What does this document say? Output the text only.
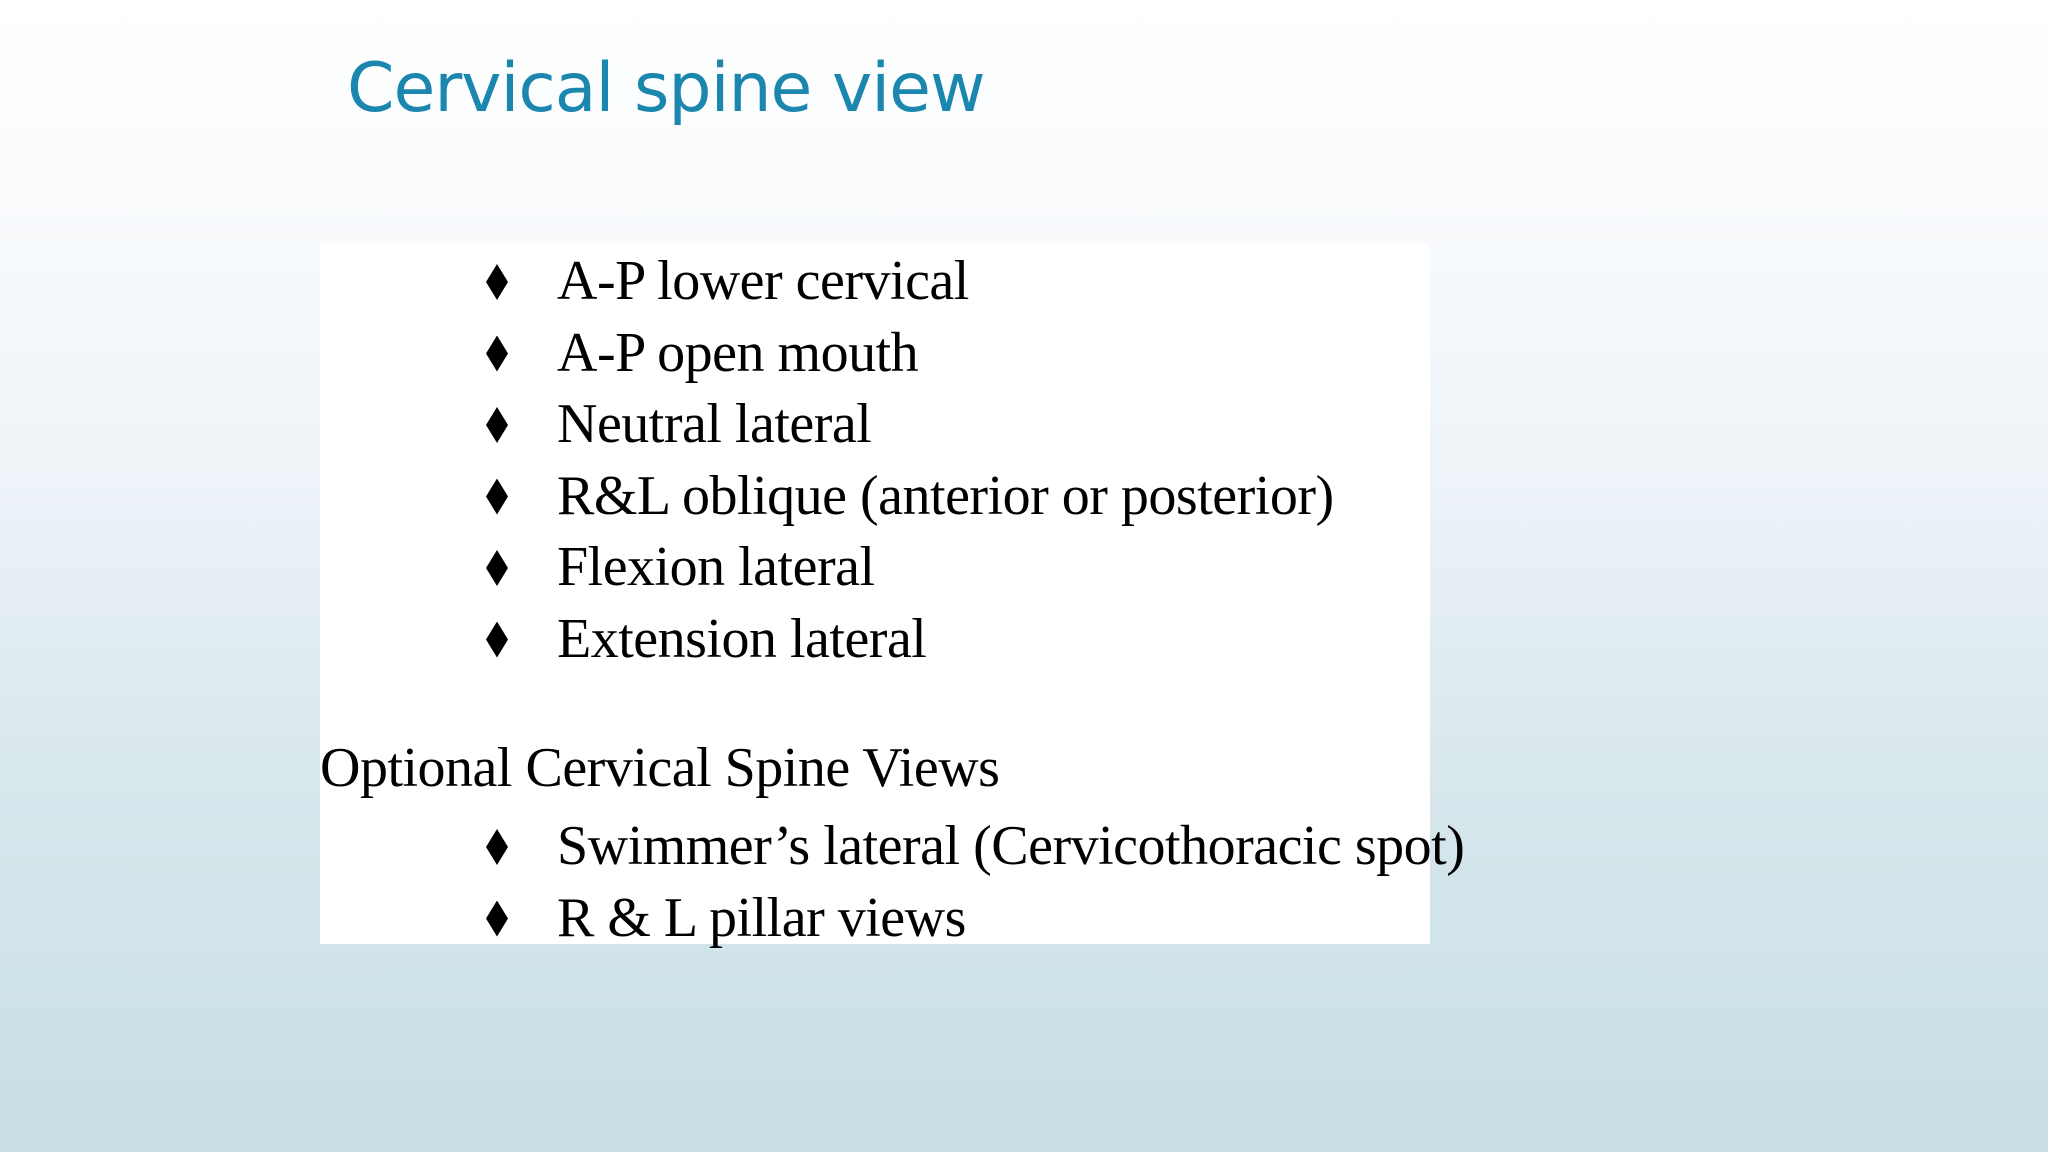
Cervical spine view
A-P lower cervical
A-P open mouth
Neutral lateral
R&L oblique (anterior or posterior)
Flexion lateral
Extension lateral
Optional Cervical Spine Views
Swimmer’s lateral (Cervicothoracic spot)
R & L pillar views
